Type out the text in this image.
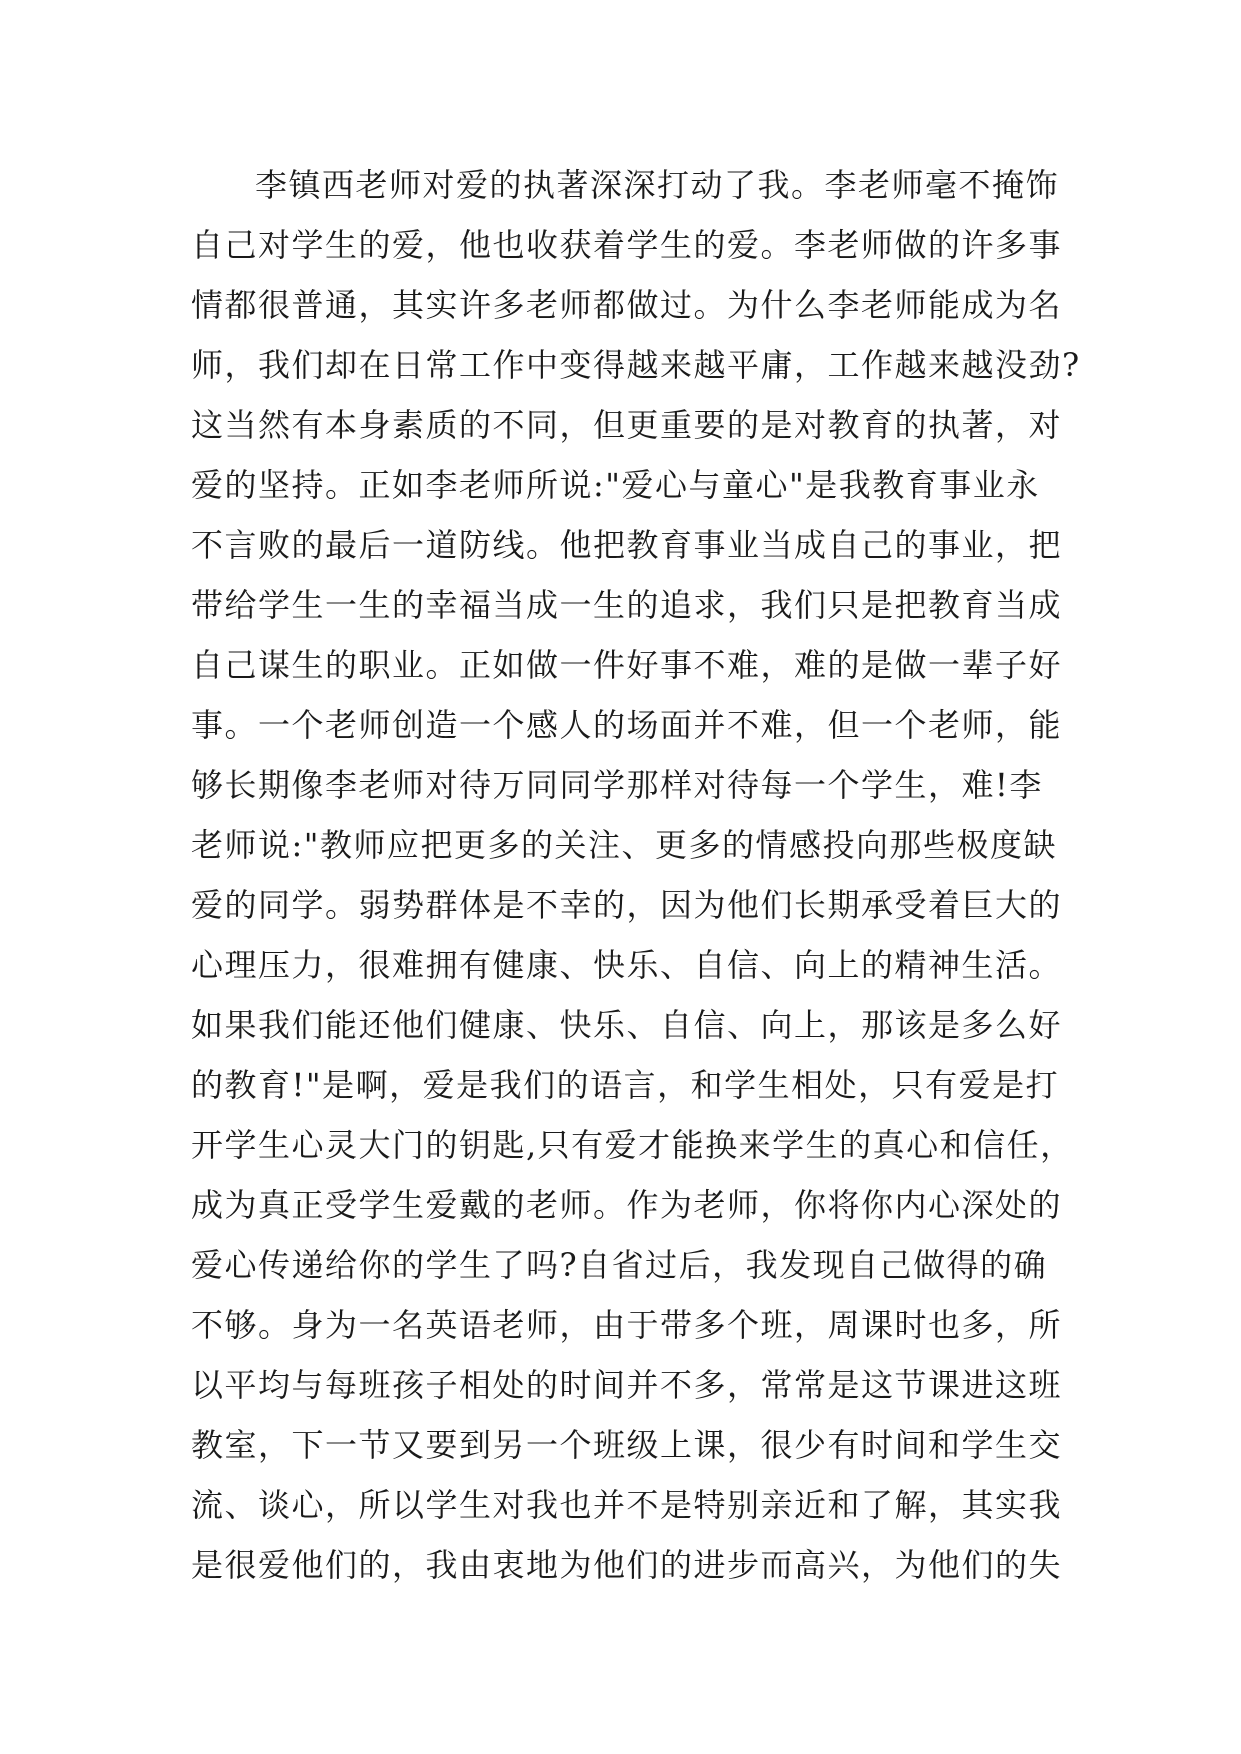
李镇西老师对爱的执著深深打动了我。李老师毫不掩饰
自己对学生的爱，他也收获着学生的爱。李老师做的许多事
情都很普通，其实许多老师都做过。为什么李老师能成为名
师，我们却在日常工作中变得越来越平庸，工作越来越没劲?
这当然有本身素质的不同，但更重要的是对教育的执著，对
爱的坚持。正如李老师所说:"爱心与童心"是我教育事业永
不言败的最后一道防线。他把教育事业当成自己的事业，把
带给学生一生的幸福当成一生的追求，我们只是把教育当成
自己谋生的职业。正如做一件好事不难，难的是做一辈子好
事。一个老师创造一个感人的场面并不难，但一个老师，能
够长期像李老师对待万同同学那样对待每一个学生，难!李
老师说:"教师应把更多的关注、更多的情感投向那些极度缺
爱的同学。弱势群体是不幸的，因为他们长期承受着巨大的
心理压力，很难拥有健康、快乐、自信、向上的精神生活。
如果我们能还他们健康、快乐、自信、向上，那该是多么好
的教育!"是啊，爱是我们的语言，和学生相处，只有爱是打
开学生心灵大门的钥匙,只有爱才能换来学生的真心和信任，
成为真正受学生爱戴的老师。作为老师，你将你内心深处的
爱心传递给你的学生了吗?自省过后，我发现自己做得的确
不够。身为一名英语老师，由于带多个班，周课时也多，所
以平均与每班孩子相处的时间并不多，常常是这节课进这班
教室，下一节又要到另一个班级上课，很少有时间和学生交
流、谈心，所以学生对我也并不是特别亲近和了解，其实我
是很爱他们的，我由衷地为他们的进步而高兴，为他们的失
